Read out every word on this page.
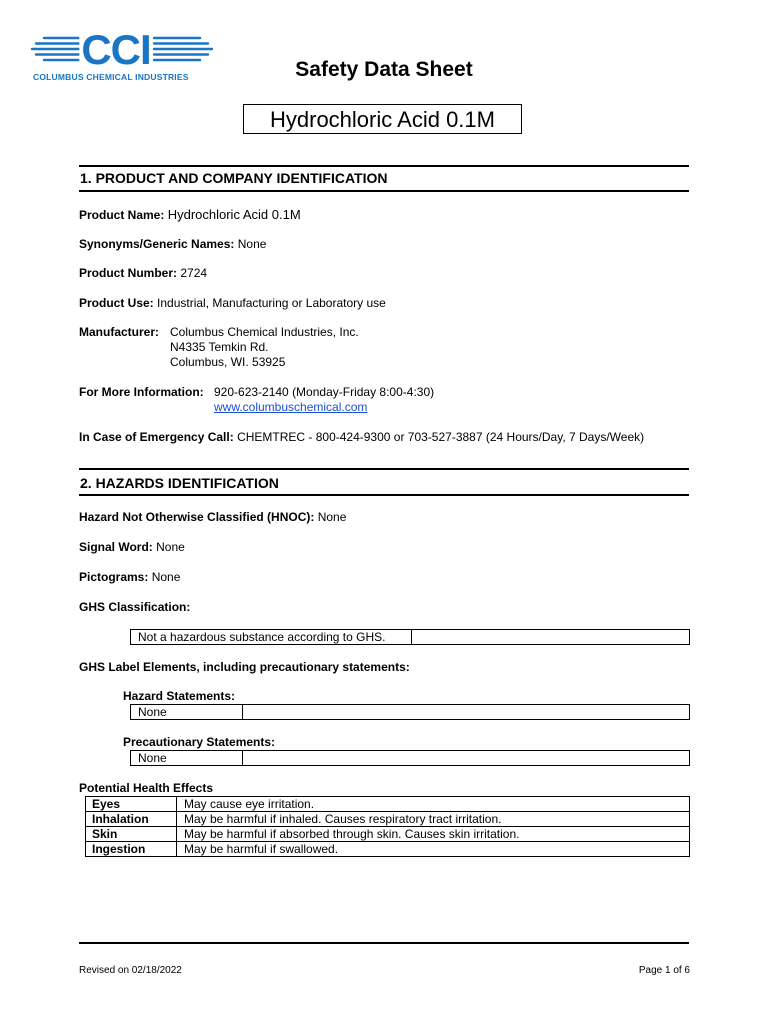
CCI
COLUMBUS CHEMICAL INDUSTRIES	Safety Data Sheet
Hydrochloric Acid 0.1M
1. PRODUCT AND COMPANY IDENTIFICATION
Product Name: Hydrochloric Acid 0.1M
Synonyms/Generic Names: None
Product Number: 2724
Product Use: Industrial, Manufacturing or Laboratory use
Manufacturer: Columbus Chemical Industries, Inc.
N4335 Temkin Rd.
Columbus, WI. 53925
For More Information: 920-623-2140 (Monday-Friday 8:00-4:30)
www.columbuschemical.com
In Case of Emergency Call: CHEMTREC - 800-424-9300 or 703-527-3887 (24 Hours/Day, 7 Days/Week)
2. HAZARDS IDENTIFICATION
Hazard Not Otherwise Classified (HNOC): None
Signal Word: None
Pictograms: None
GHS Classification:
Not a hazardous substance according to GHS.	
GHS Label Elements, including precautionary statements:
Hazard Statements:
None	
Precautionary Statements:
None	
Potential Health Effects
Eyes	May cause eye irritation.
Inhalation	May be harmful if inhaled. Causes respiratory tract irritation.
Skin	May be harmful if absorbed through skin. Causes skin irritation.
Ingestion	May be harmful if swallowed.
Revised on 02/18/2022	Page 1 of 6
